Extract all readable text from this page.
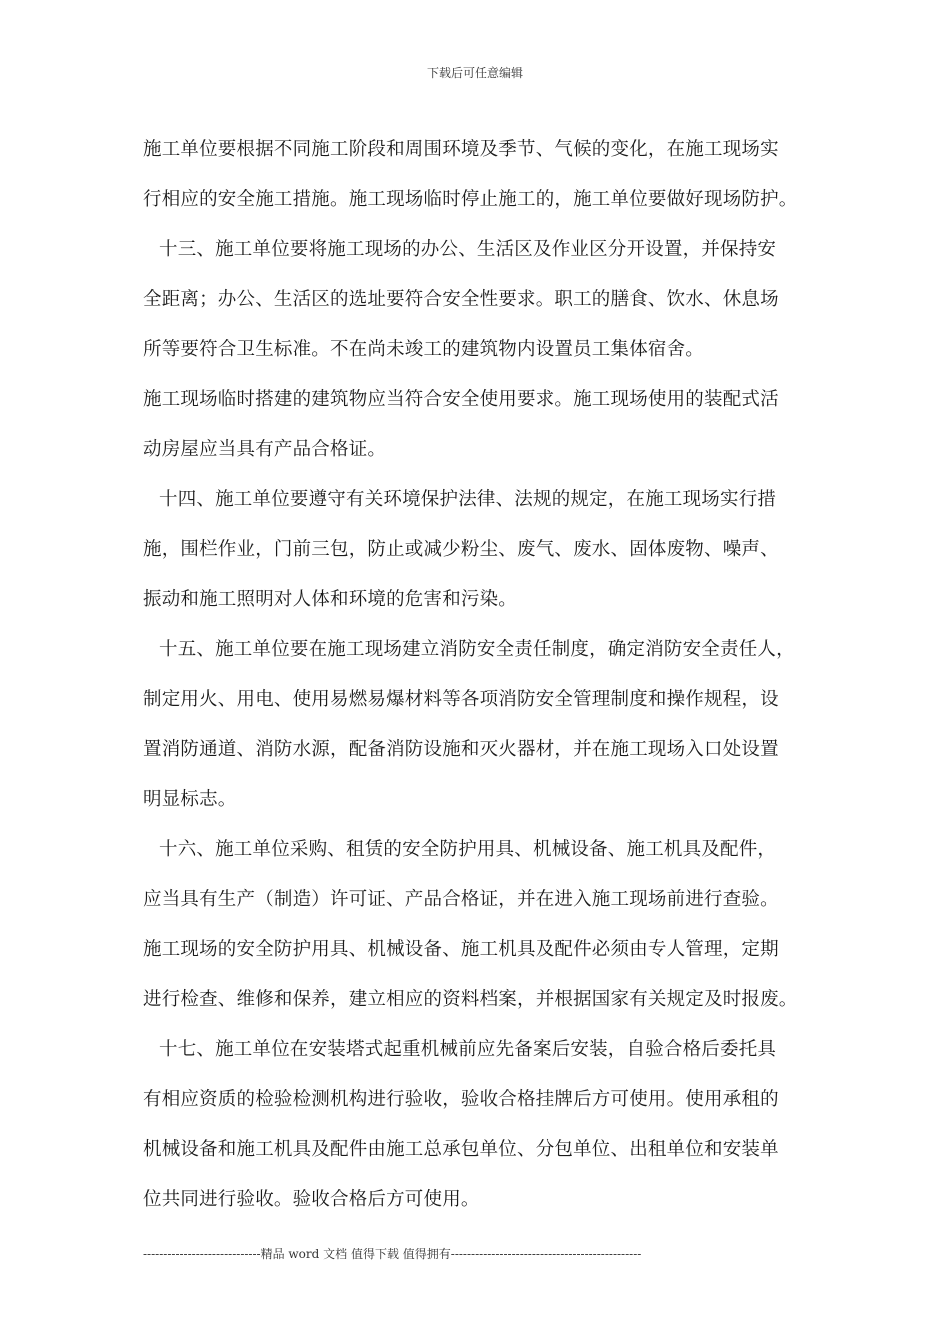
下载后可任意编辑
施工单位要根据不同施工阶段和周围环境及季节、气候的变化，在施工现场实
行相应的安全施工措施。施工现场临时停止施工的，施工单位要做好现场防护。
十三、施工单位要将施工现场的办公、生活区及作业区分开设置，并保持安
全距离；办公、生活区的选址要符合安全性要求。职工的膳食、饮水、休息场
所等要符合卫生标准。不在尚未竣工的建筑物内设置员工集体宿舍。
施工现场临时搭建的建筑物应当符合安全使用要求。施工现场使用的装配式活
动房屋应当具有产品合格证。
十四、施工单位要遵守有关环境保护法律、法规的规定，在施工现场实行措
施，围栏作业，门前三包，防止或减少粉尘、废气、废水、固体废物、噪声、
振动和施工照明对人体和环境的危害和污染。
十五、施工单位要在施工现场建立消防安全责任制度，确定消防安全责任人，
制定用火、用电、使用易燃易爆材料等各项消防安全管理制度和操作规程，设
置消防通道、消防水源，配备消防设施和灭火器材，并在施工现场入口处设置
明显标志。
十六、施工单位采购、租赁的安全防护用具、机械设备、施工机具及配件，
应当具有生产（制造）许可证、产品合格证，并在进入施工现场前进行查验。
施工现场的安全防护用具、机械设备、施工机具及配件必须由专人管理，定期
进行检查、维修和保养，建立相应的资料档案，并根据国家有关规定及时报废。
十七、施工单位在安装塔式起重机械前应先备案后安装，自验合格后委托具
有相应资质的检验检测机构进行验收，验收合格挂牌后方可使用。使用承租的
机械设备和施工机具及配件由施工总承包单位、分包单位、出租单位和安装单
位共同进行验收。验收合格后方可使用。
-----------------------------精品 word 文档 值得下载 值得拥有-----------------------------------------------
